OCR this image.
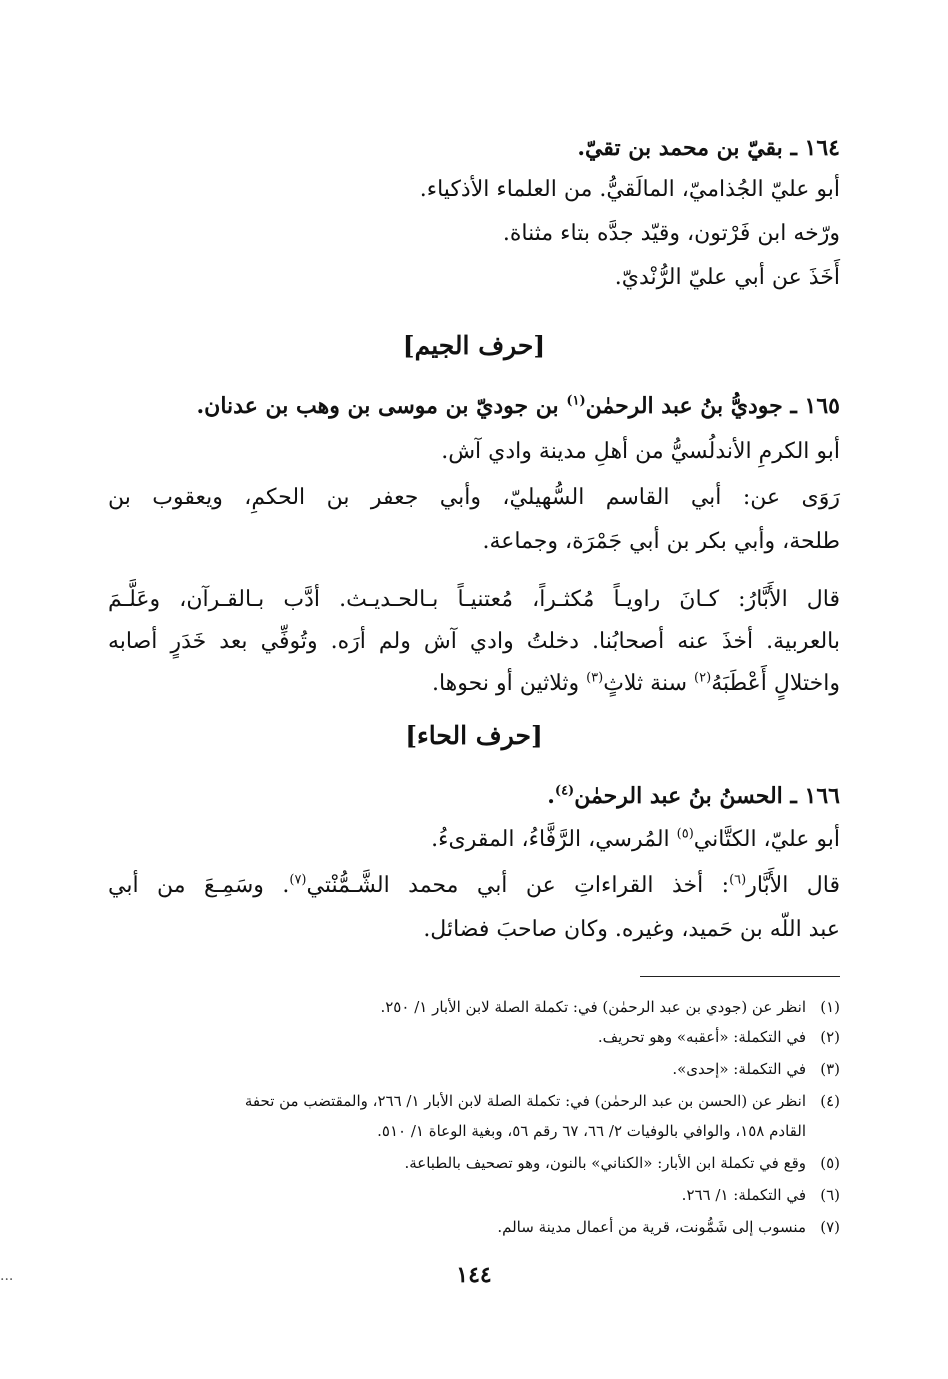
١٦٤ ـ بقيّ بن محمد بن تقيّ.
أبو عليّ الجُذاميّ، المالَقيُّ. من العلماء الأذكياء.
ورّخه ابن فَرْتون، وقيّد جدَّه بتاء مثناة.
أَخَذَ عن أبي عليّ الرُّنْديّ.
[حرف الجيم]
١٦٥ ـ جوديُّ بنُ عبد الرحمٰن$^{(١)}$ بن جوديّ بن موسى بن وهب بن عدنان.
أبو الكرمِ الأندلُسيُّ من أهلِ مدينة وادي آش.
رَوَى عن: أبي القاسم السُّهيليّ، وأبي جعفر بن الحكمِ، ويعقوب بن
طلحة، وأبي بكر بن أبي جَمْرَة، وجماعة.
قال الأَبَّارُ: كـانَ راويـاً مُكثـراً، مُعتنيـاً بـالحـديـث. أدَّب بـالقـرآن، وعَلَّـمَ
بالعربية. أخذَ عنه أصحابُنا. دخلتُ وادي آش ولم أرَه. وتُوفِّي بعد خَدَرٍ أصابه
واختلالٍ أَعْطَبَهُ$^{(٢)}$ سنة ثلاثٍ$^{(٣)}$ وثلاثين أو نحوها.
[حرف الحاء]
١٦٦ ـ الحسنُ بنُ عبد الرحمٰن$^{(٤)}$.
أبو عليّ، الكتَّاني$^{(٥)}$ المُرسي، الرَّفَّاءُ، المقرىءُ.
قال الأَبَّار$^{(٦)}$: أخذ القراءاتِ عن أبي محمد الشَّـمُّنْتي$^{(٧)}$. وسَمِـعَ من أبي
عبد اللّه بن حَميد، وغيره. وكان صاحبَ فضائل.
(١)انظر عن (جودي بن عبد الرحمٰن) في: تكملة الصلة لابن الأبار ١/ ٢٥٠.
(٢)في التكملة: «أعقبه» وهو تحريف.
(٣)في التكملة: «إحدى».
(٤)انظر عن (الحسن بن عبد الرحمٰن) في: تكملة الصلة لابن الأبار ١/ ٢٦٦، والمقتضب من تحفة
القادم ١٥٨، والوافي بالوفيات ٢/ ٦٦، ٦٧ رقم ٥٦، وبغية الوعاة ١/ ٥١٠.
(٥)وقع في تكملة ابن الأبار: «الكناني» بالنون، وهو تصحيف بالطباعة.
(٦)في التكملة: ١/ ٢٦٦.
(٧)منسوب إلى شَمُّونت، قرية من أعمال مدينة سالم.
١٤٤
...
